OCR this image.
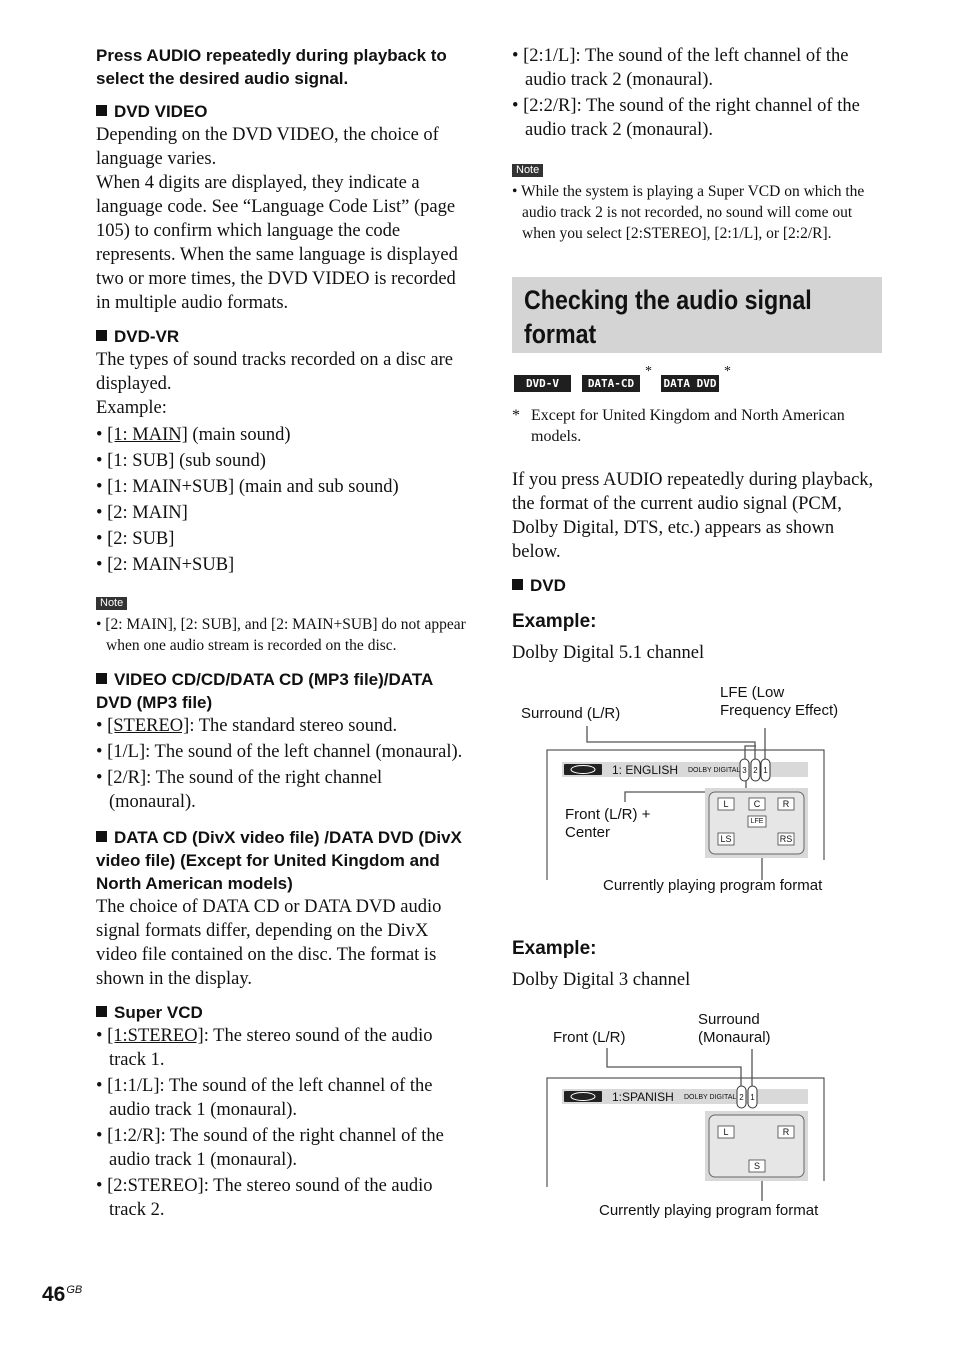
Press AUDIO repeatedly during playback to select the desired audio signal.

DVD VIDEO

Depending on the DVD VIDEO, the choice of language varies.

When 4 digits are displayed, they indicate a language code. See “Language Code List” (page 105) to confirm which language the code represents. When the same language is displayed two or more times, the DVD VIDEO is recorded in multiple audio formats.

DVD-VR

The types of sound tracks recorded on a disc are displayed.

Example:

• [1: MAIN] (main sound)
• [1: SUB] (sub sound)
• [1: MAIN+SUB] (main and sub sound)
• [2: MAIN]
• [2: SUB]
• [2: MAIN+SUB]
Note

• [2: MAIN], [2: SUB], and [2: MAIN+SUB] do not appear when one audio stream is recorded on the disc.

VIDEO CD/CD/DATA CD (MP3 file)/DATA DVD (MP3 file)

• [STEREO]: The standard stereo sound.
• [1/L]: The sound of the left channel (monaural).
• [2/R]: The sound of the right channel (monaural).

DATA CD (DivX video file) /DATA DVD (DivX video file) (Except for United Kingdom and North American models)

The choice of DATA CD or DATA DVD audio signal formats differ, depending on the DivX video file contained on the disc. The format is shown in the display.

Super VCD

• [1:STEREO]: The stereo sound of the audio track 1.
• [1:1/L]: The sound of the left channel of the audio track 1 (monaural).
• [1:2/R]: The sound of the right channel of the audio track 1 (monaural).
• [2:STEREO]: The stereo sound of the audio track 2.
• [2:1/L]: The sound of the left channel of the audio track 2 (monaural).
• [2:2/R]: The sound of the right channel of the audio track 2 (monaural).
Note

• While the system is playing a Super VCD on which the audio track 2 is not recorded, no sound will come out when you select [2:STEREO], [2:1/L], or [2:2/R].

Checking the audio signal
format
DVD-V	DATA-CD
*
DATA DVD
*
* Except for United Kingdom and North American models.

If you press AUDIO repeatedly during playback, the format of the current audio signal (PCM, Dolby Digital, DTS, etc.) appears as shown below.

DVD

Example:
Dolby Digital 5.1 channel
Surround (L/R)
LFE (Low
Frequency Effect)
Front (L/R) +
Center
1: ENGLISH DOLBY DIGITAL 3 2 1
L	C	R
LFE
LS	RS
Currently playing program format
Example:
Dolby Digital 3 channel
Front (L/R)
Surround
(Monaural)
1:SPANISH DOLBY DIGITAL 2 1
L	R
S
Currently playing program format
$46^{GB}$
